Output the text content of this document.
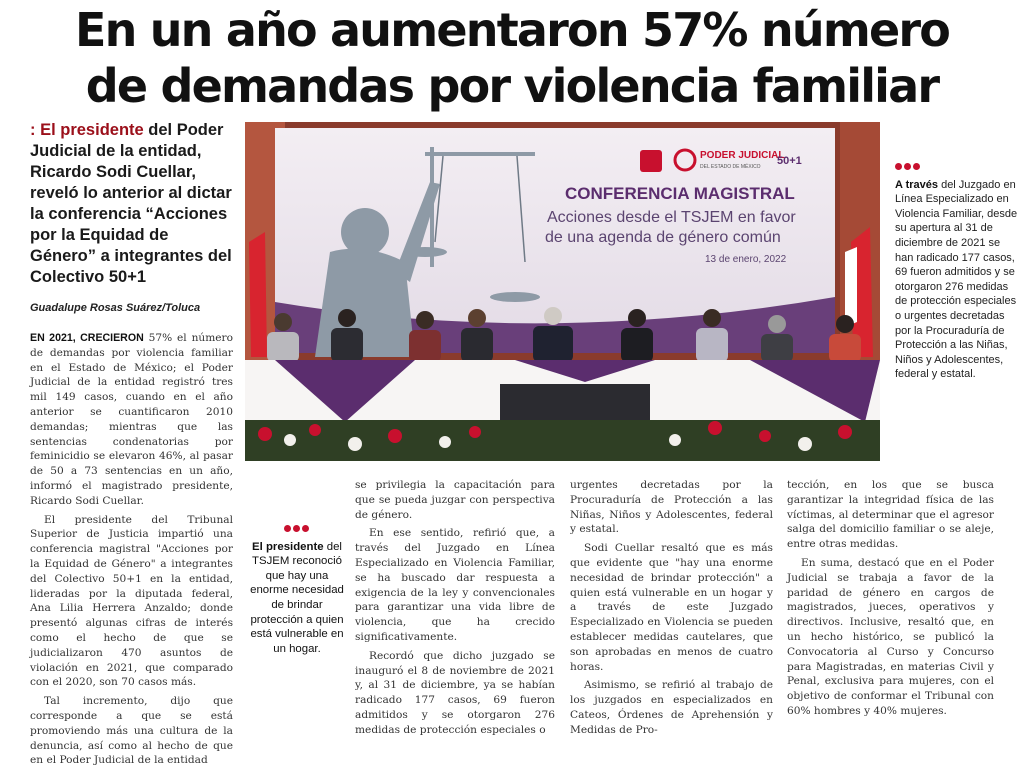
En un año aumentaron 57% número
de demandas por violencia familiar
: El presidente del Poder Judicial de la entidad, Ricardo Sodi Cuellar, reveló lo anterior al dictar la conferencia “Acciones por la Equidad de Género” a integrantes del Colectivo 50+1
Guadalupe Rosas Suárez/Toluca

EN 2021, CRECIERON 57% el número de demandas por violencia familiar en el Estado de México; el Poder Judicial de la entidad registró tres mil 149 casos, cuando en el año anterior se cuantificaron 2010 demandas; mientras que las sentencias condenatorias por feminicidio se elevaron 46%, al pasar de 50 a 73 sentencias en un año, informó el magistrado presidente, Ricardo Sodi Cuellar.

El presidente del Tribunal Superior de Justicia impartió una conferencia magistral "Acciones por la Equidad de Género" a integrantes del Colectivo 50+1 en la entidad, lideradas por la diputada federal, Ana Lilia Herrera Anzaldo; donde presentó algunas cifras de interés como el hecho de que se judicializaron 470 asuntos de violación en 2021, que comparado con el 2020, son 70 casos más.

Tal incremento, dijo que corresponde a que se está promoviendo más una cultura de la denuncia, así como al hecho de que en el Poder Judicial de la entidad

PODER JUDICIAL
DEL ESTADO DE MÉXICO 50+1
CONFERENCIA MAGISTRAL
Acciones desde el TSJEM en favor
de una agenda de género común
13 de enero, 2022
A través del Juzgado en Línea Especializado en Violencia Familiar, desde su apertura al 31 de diciembre de 2021 se han radicado 177 casos, 69 fueron admitidos y se otorgaron 276 medidas de protección especiales o urgentes decretadas por la Procuraduría de Protección a las Niñas, Niños y Adolescentes, federal y estatal.
El presidente del TSJEM reconoció que hay una enorme necesidad de brindar protección a quien está vulnerable en un hogar.

se privilegia la capacitación para que se pueda juzgar con perspectiva de género.

En ese sentido, refirió que, a través del Juzgado en Línea Especializado en Violencia Familiar, se ha buscado dar respuesta a exigencia de la ley y convencionales para garantizar una vida libre de violencia, que ha crecido significativamente.

Recordó que dicho juzgado se inauguró el 8 de noviembre de 2021 y, al 31 de diciembre, ya se habían radicado 177 casos, 69 fueron admitidos y se otorgaron 276 medidas de protección especiales o

urgentes decretadas por la Procuraduría de Protección a las Niñas, Niños y Adolescentes, federal y estatal.

Sodi Cuellar resaltó que es más que evidente que "hay una enorme necesidad de brindar protección" a quien está vulnerable en un hogar y a través de este Juzgado Especializado en Violencia se pueden establecer medidas cautelares, que son aprobadas en menos de cuatro horas.

Asimismo, se refirió al trabajo de los juzgados en especializados en Cateos, Órdenes de Aprehensión y Medidas de Pro-

tección, en los que se busca garantizar la integridad física de las víctimas, al determinar que el agresor salga del domicilio familiar o se aleje, entre otras medidas.

En suma, destacó que en el Poder Judicial se trabaja a favor de la paridad de género en cargos de magistrados, jueces, operativos y directivos. Inclusive, resaltó que, en un hecho histórico, se publicó la Convocatoria al Curso y Concurso para Magistradas, en materias Civil y Penal, exclusiva para mujeres, con el objetivo de conformar el Tribunal con 60% hombres y 40% mujeres.
